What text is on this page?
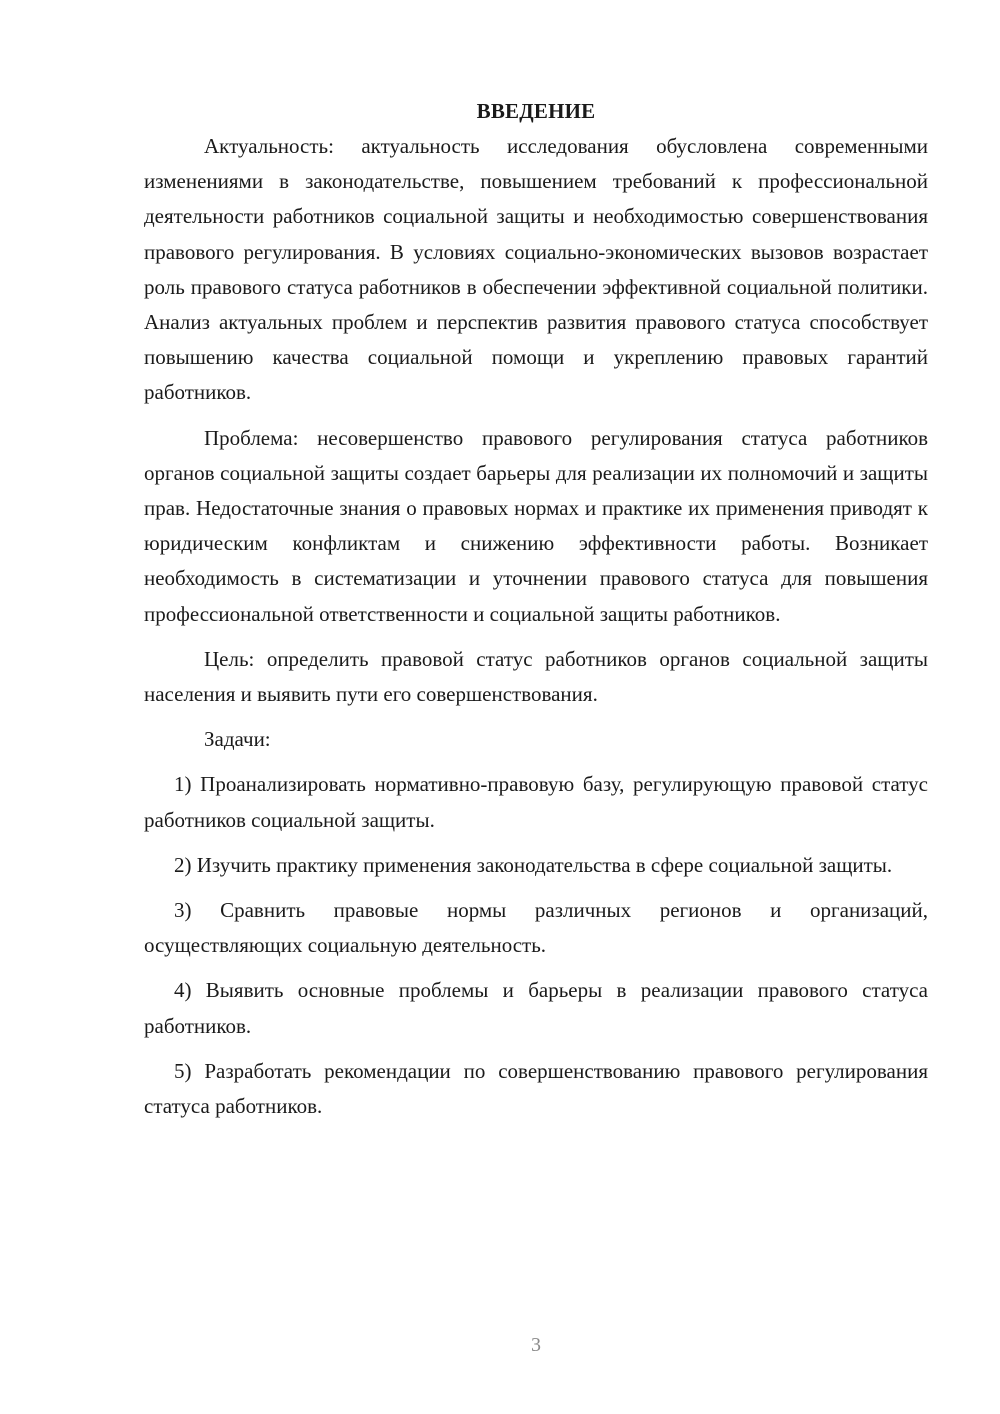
ВВЕДЕНИЕ

Актуальность: актуальность исследования обусловлена современными изменениями в законодательстве, повышением требований к профессиональной деятельности работников социальной защиты и необходимостью совершенствования правового регулирования. В условиях социально-экономических вызовов возрастает роль правового статуса работников в обеспечении эффективной социальной политики. Анализ актуальных проблем и перспектив развития правового статуса способствует повышению качества социальной помощи и укреплению правовых гарантий работников.

Проблема: несовершенство правового регулирования статуса работников органов социальной защиты создает барьеры для реализации их полномочий и защиты прав. Недостаточные знания о правовых нормах и практике их применения приводят к юридическим конфликтам и снижению эффективности работы. Возникает необходимость в систематизации и уточнении правового статуса для повышения профессиональной ответственности и социальной защиты работников.

Цель: определить правовой статус работников органов социальной защиты населения и выявить пути его совершенствования.

Задачи:

1) Проанализировать нормативно-правовую базу, регулирующую правовой статус работников социальной защиты.

2) Изучить практику применения законодательства в сфере социальной защиты.

3) Сравнить правовые нормы различных регионов и организаций, осуществляющих социальную деятельность.

4) Выявить основные проблемы и барьеры в реализации правового статуса работников.

5) Разработать рекомендации по совершенствованию правового регулирования статуса работников.

3
